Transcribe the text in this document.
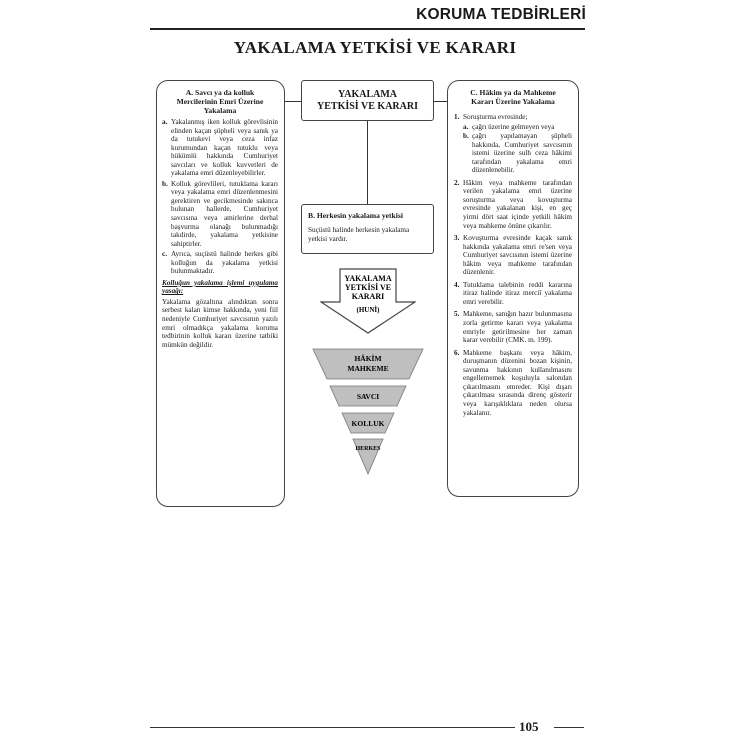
KORUMA TEDBİRLERİ
YAKALAMA YETKİSİ VE KARARI
YAKALAMA
YETKİSİ VE KARARI
A. Savcı ya da kolluk
Mercilerinin Emri Üzerine
Yakalama
a. Yakalanmış iken kolluk görevlisinin elinden kaçan şüpheli veya sanık ya da tutukevi veya ceza infaz kurumundan kaçan tutuklu veya hükümlü hakkında Cumhuriyet savcıları ve kolluk kuvvetleri de yakalama emri düzenleyebilirler.
b. Kolluk görevlileri, tutuklama kararı veya yakalama emri düzenlenmesini gerektiren ve gecikmesinde sakınca bulunan hallerde, Cumhuriyet savcısına veya amirlerine derhal başvurma olanağı bulunmadığı takdirde, yakalama yetkisine sahiptirler.
c. Ayrıca, suçüstü halinde herkes gibi kolluğun da yakalama yetkisi bulunmaktadır.
Kolluğun yakalama işlemi uygulama yasağı:
Yakalama gözaltına alındıktan sonra serbest kalan kimse hakkında, yeni fiil nedeniyle Cumhuriyet savcısının yazılı emri olmadıkça yakalama koruma tedbirinin kolluk kararı üzerine tatbiki mümkün değildir.
B. Herkesin yakalama yetkisi
Suçüstü halinde herkesin yakalama yetkisi vardır.
YAKALAMA
YETKİSİ VE
KARARI
(HUNİ)
HÂKİM
MAHKEME
SAVCI
KOLLUK
HERKES
C. Hâkim ya da Mahkeme
Kararı Üzerine Yakalama
1. Soruşturma evresinde;
a. çağrı üzerine gelmeyen veya
b. çağrı yapılamayan şüpheli hakkında, Cumhuriyet savcısının istemi üzerine sulh ceza hâkimi tarafından yakalama emri düzenlenebilir.
2. Hâkim veya mahkeme tarafından verilen yakalama emri üzerine soruşturma veya kovuşturma evresinde yakalanan kişi, en geç yirmi dört saat içinde yetkili hâkim veya mahkeme önüne çıkarılır.
3. Kovuşturma evresinde kaçak sanık hakkında yakalama emri re'sen veya Cumhuriyet savcısının istemi üzerine hâkim veya mahkeme tarafından düzenlenir.
4. Tutuklama talebinin reddi kararına itiraz halinde itiraz merciî yakalama emri verebilir.
5. Mahkeme, sanığın hazır bulunmasına zorla getirme kararı veya yakalama emriyle getirilmesine her zaman karar verebilir (CMK. m. 199).
6. Mahkeme başkanı veya hâkim, duruşmanın düzenini bozan kişinin, savunma hakkının kullanılmasını engellememek koşuluyla salondan çıkarılmasını emreder. Kişi dışarı çıkarılması sırasında direnç gösterir veya karışıklıklara neden olursa yakalanır.
105
